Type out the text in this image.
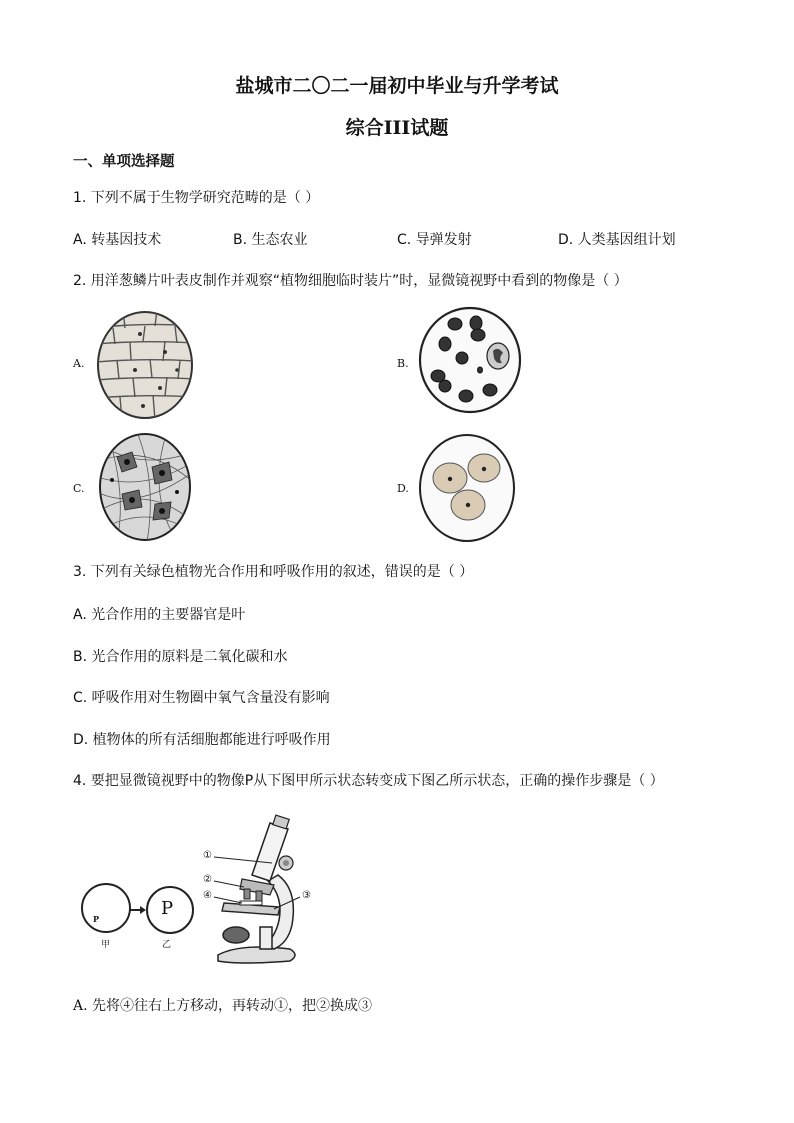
盐城市二〇二一届初中毕业与升学考试
综合III试题
一、单项选择题
1. 下列不属于生物学研究范畴的是（ ）
A. 转基因技术	B. 生态农业	C. 导弹发射	D. 人类基因组计划
2. 用洋葱鳞片叶表皮制作并观察“植物细胞临时装片”时，显微镜视野中看到的物像是（ ）
A.	B.
C.	D.
3. 下列有关绿色植物光合作用和呼吸作用的叙述，错误的是（ ）
A. 光合作用的主要器官是叶
B. 光合作用的原料是二氧化碳和水
C. 呼吸作用对生物圈中氧气含量没有影响
D. 植物体的所有活细胞都能进行呼吸作用
4. 要把显微镜视野中的物像P从下图甲所示状态转变成下图乙所示状态，正确的操作步骤是（ ）
P
甲
P
乙
①
②
③
④
A. 先将④往右上方移动，再转动①，把②换成③
